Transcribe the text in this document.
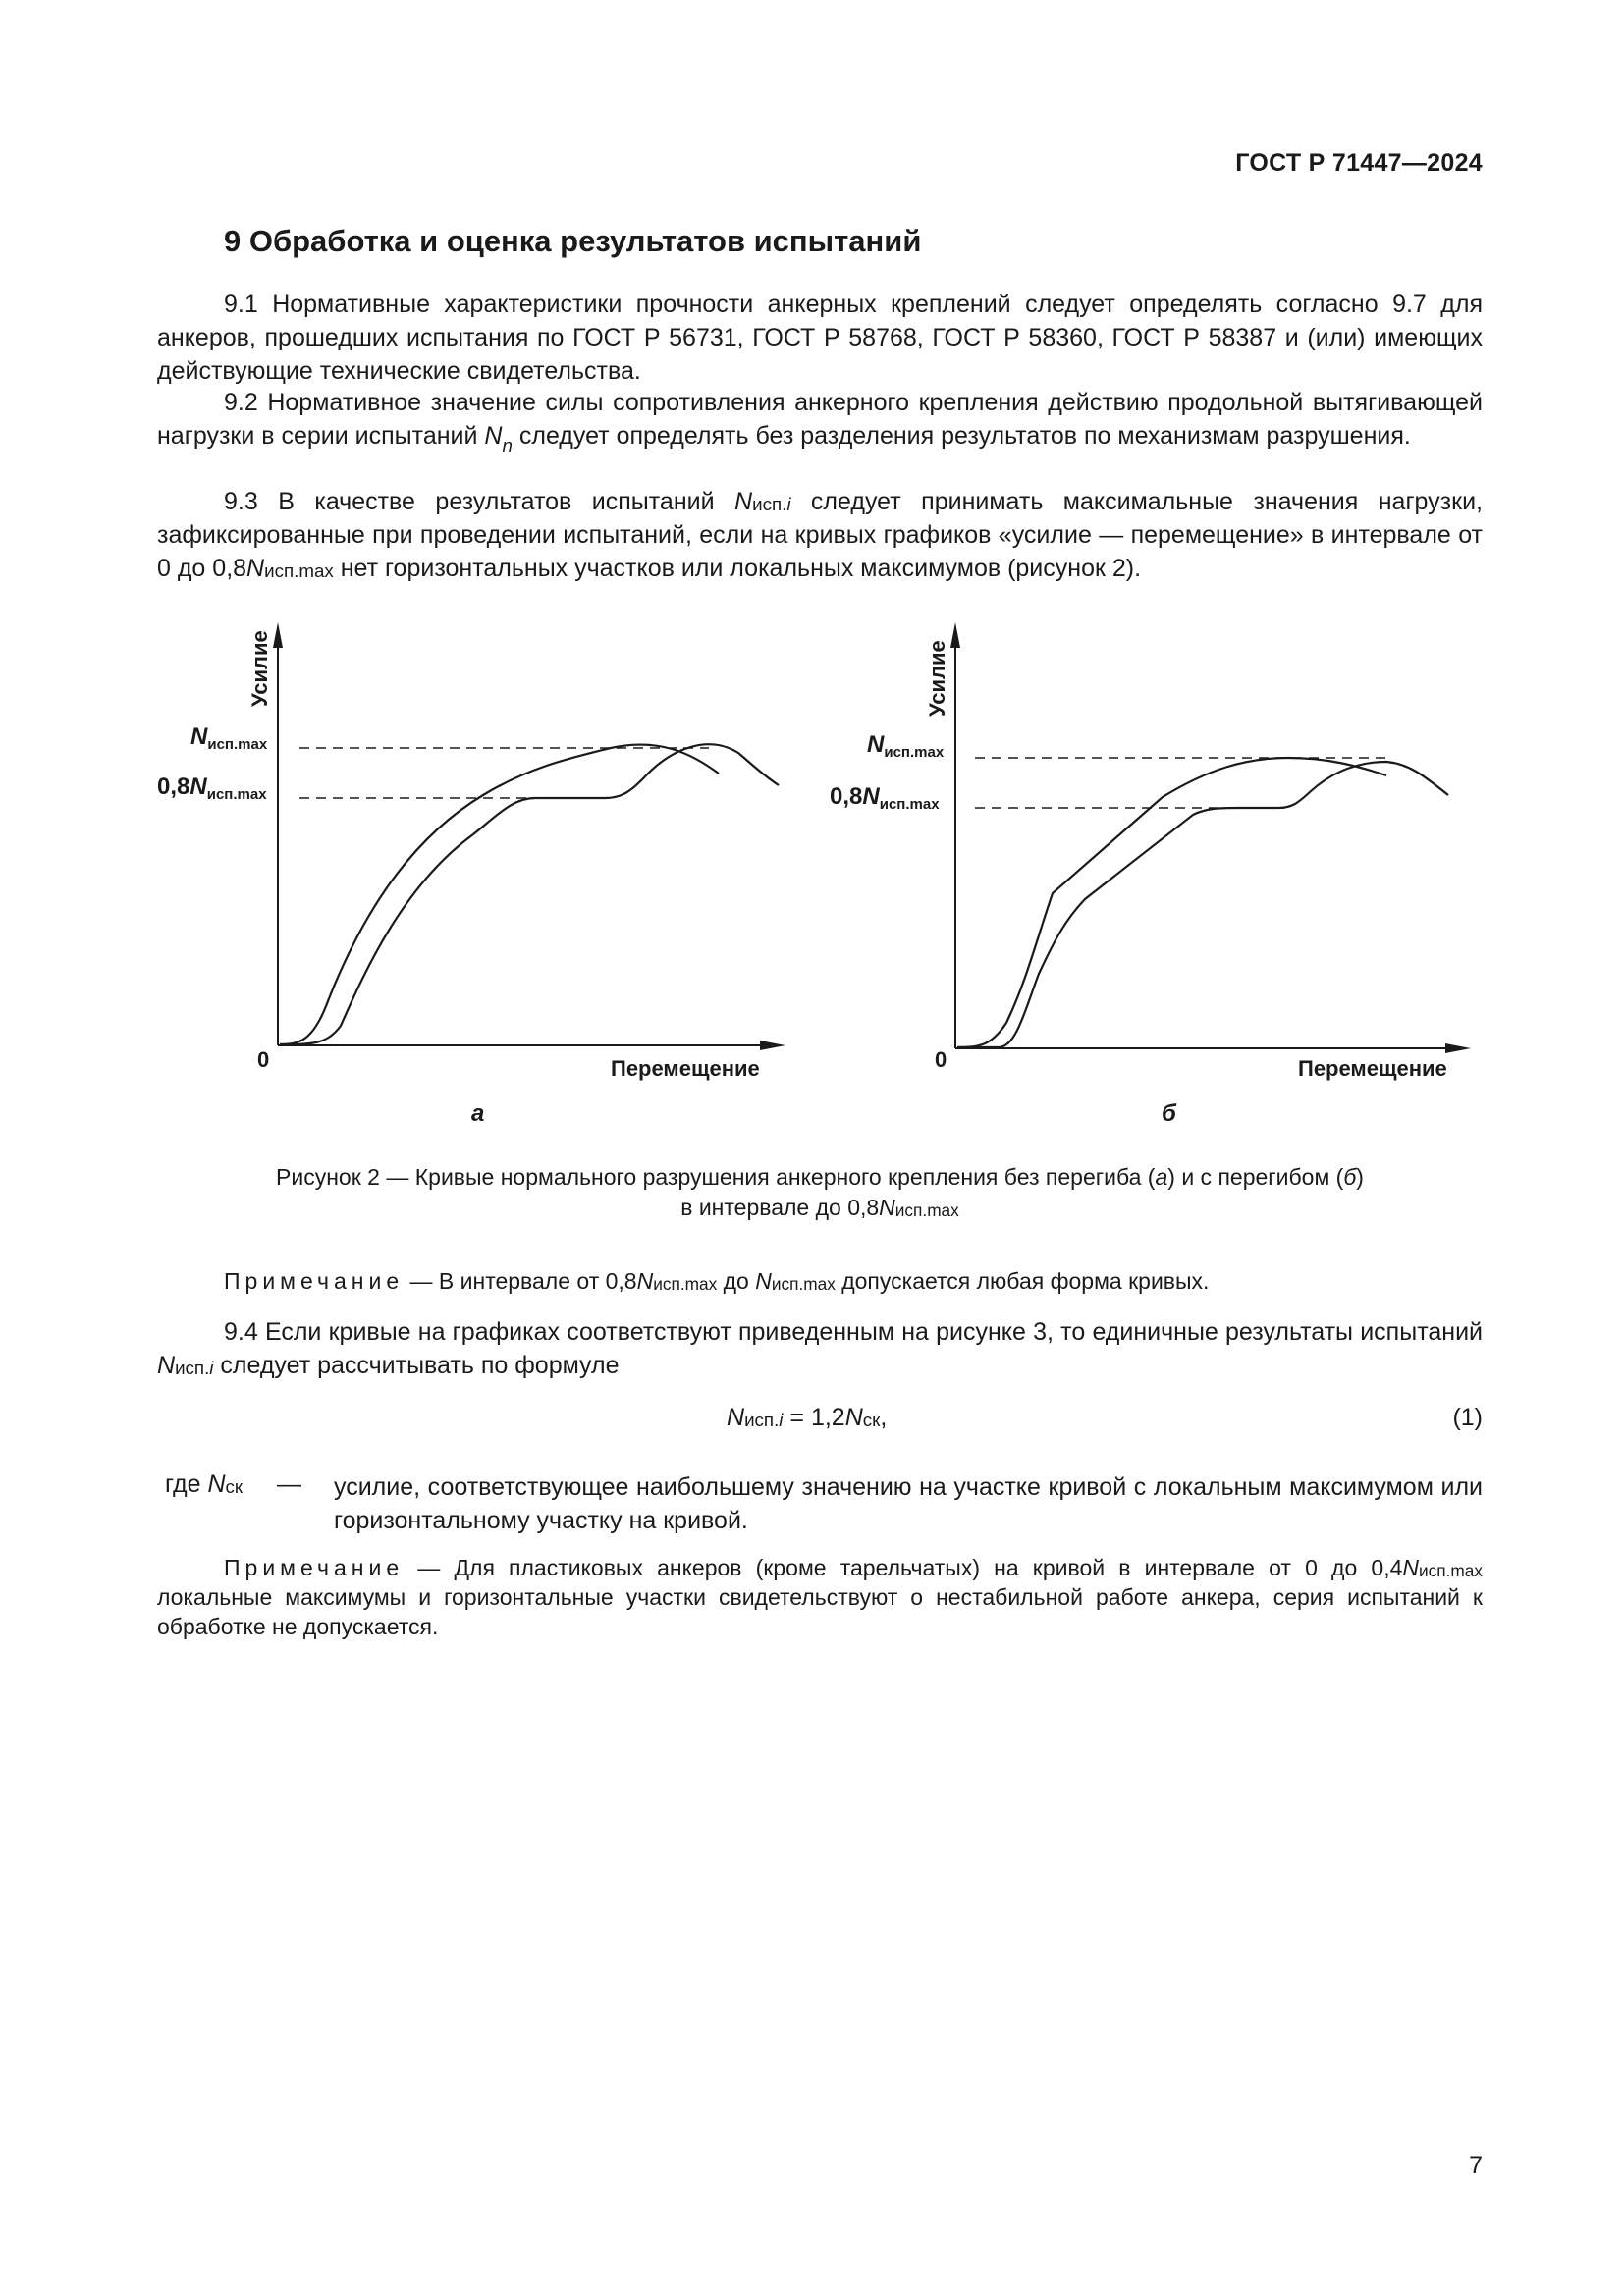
ГОСТ Р 71447—2024
9 Обработка и оценка результатов испытаний

9.1 Нормативные характеристики прочности анкерных креплений следует определять согласно 9.7 для анкеров, прошедших испытания по ГОСТ Р 56731, ГОСТ Р 58768, ГОСТ Р 58360, ГОСТ Р 58387 и (или) имеющих действующие технические свидетельства.

9.2 Нормативное значение силы сопротивления анкерного крепления действию продольной вытягивающей нагрузки в серии испытаний $N_n$ следует определять без разделения результатов по механизмам разрушения.

9.3 В качестве результатов испытаний $N_{исп.i}$ следует принимать максимальные значения нагрузки, зафиксированные при проведении испытаний, если на кривых графиков «усилие — перемещение» в интервале от 0 до $0,8N_{исп.max}$ нет горизонтальных участков или локальных максимумов (рисунок 2).

Усилие	Усилие
Перемещение	Перемещение
0	0
$N_{исп.max}$
$0,8N_{исп.max}$
$N_{исп.max}$
$0,8N_{исп.max}$
а	б
Рисунок 2 — Кривые нормального разрушения анкерного крепления без перегиба (а) и с перегибом (б)
в интервале до $0,8N_{исп.max}$

Примечание — В интервале от $0,8N_{исп.max}$ до $N_{исп.max}$ допускается любая форма кривых.

9.4 Если кривые на графиках соответствуют приведенным на рисунке 3, то единичные результаты испытаний $N_{исп.i}$ следует рассчитывать по формуле

$N_{исп.i} = 1,2N_{ск}$,	(1)
где $N_{ск}$ — усилие, соответствующее наибольшему значению на участке кривой с локальным максимумом или горизонтальному участку на кривой.

Примечание — Для пластиковых анкеров (кроме тарельчатых) на кривой в интервале от 0 до $0,4N_{исп.max}$ локальные максимумы и горизонтальные участки свидетельствуют о нестабильной работе анкера, серия испытаний к обработке не допускается.

7
